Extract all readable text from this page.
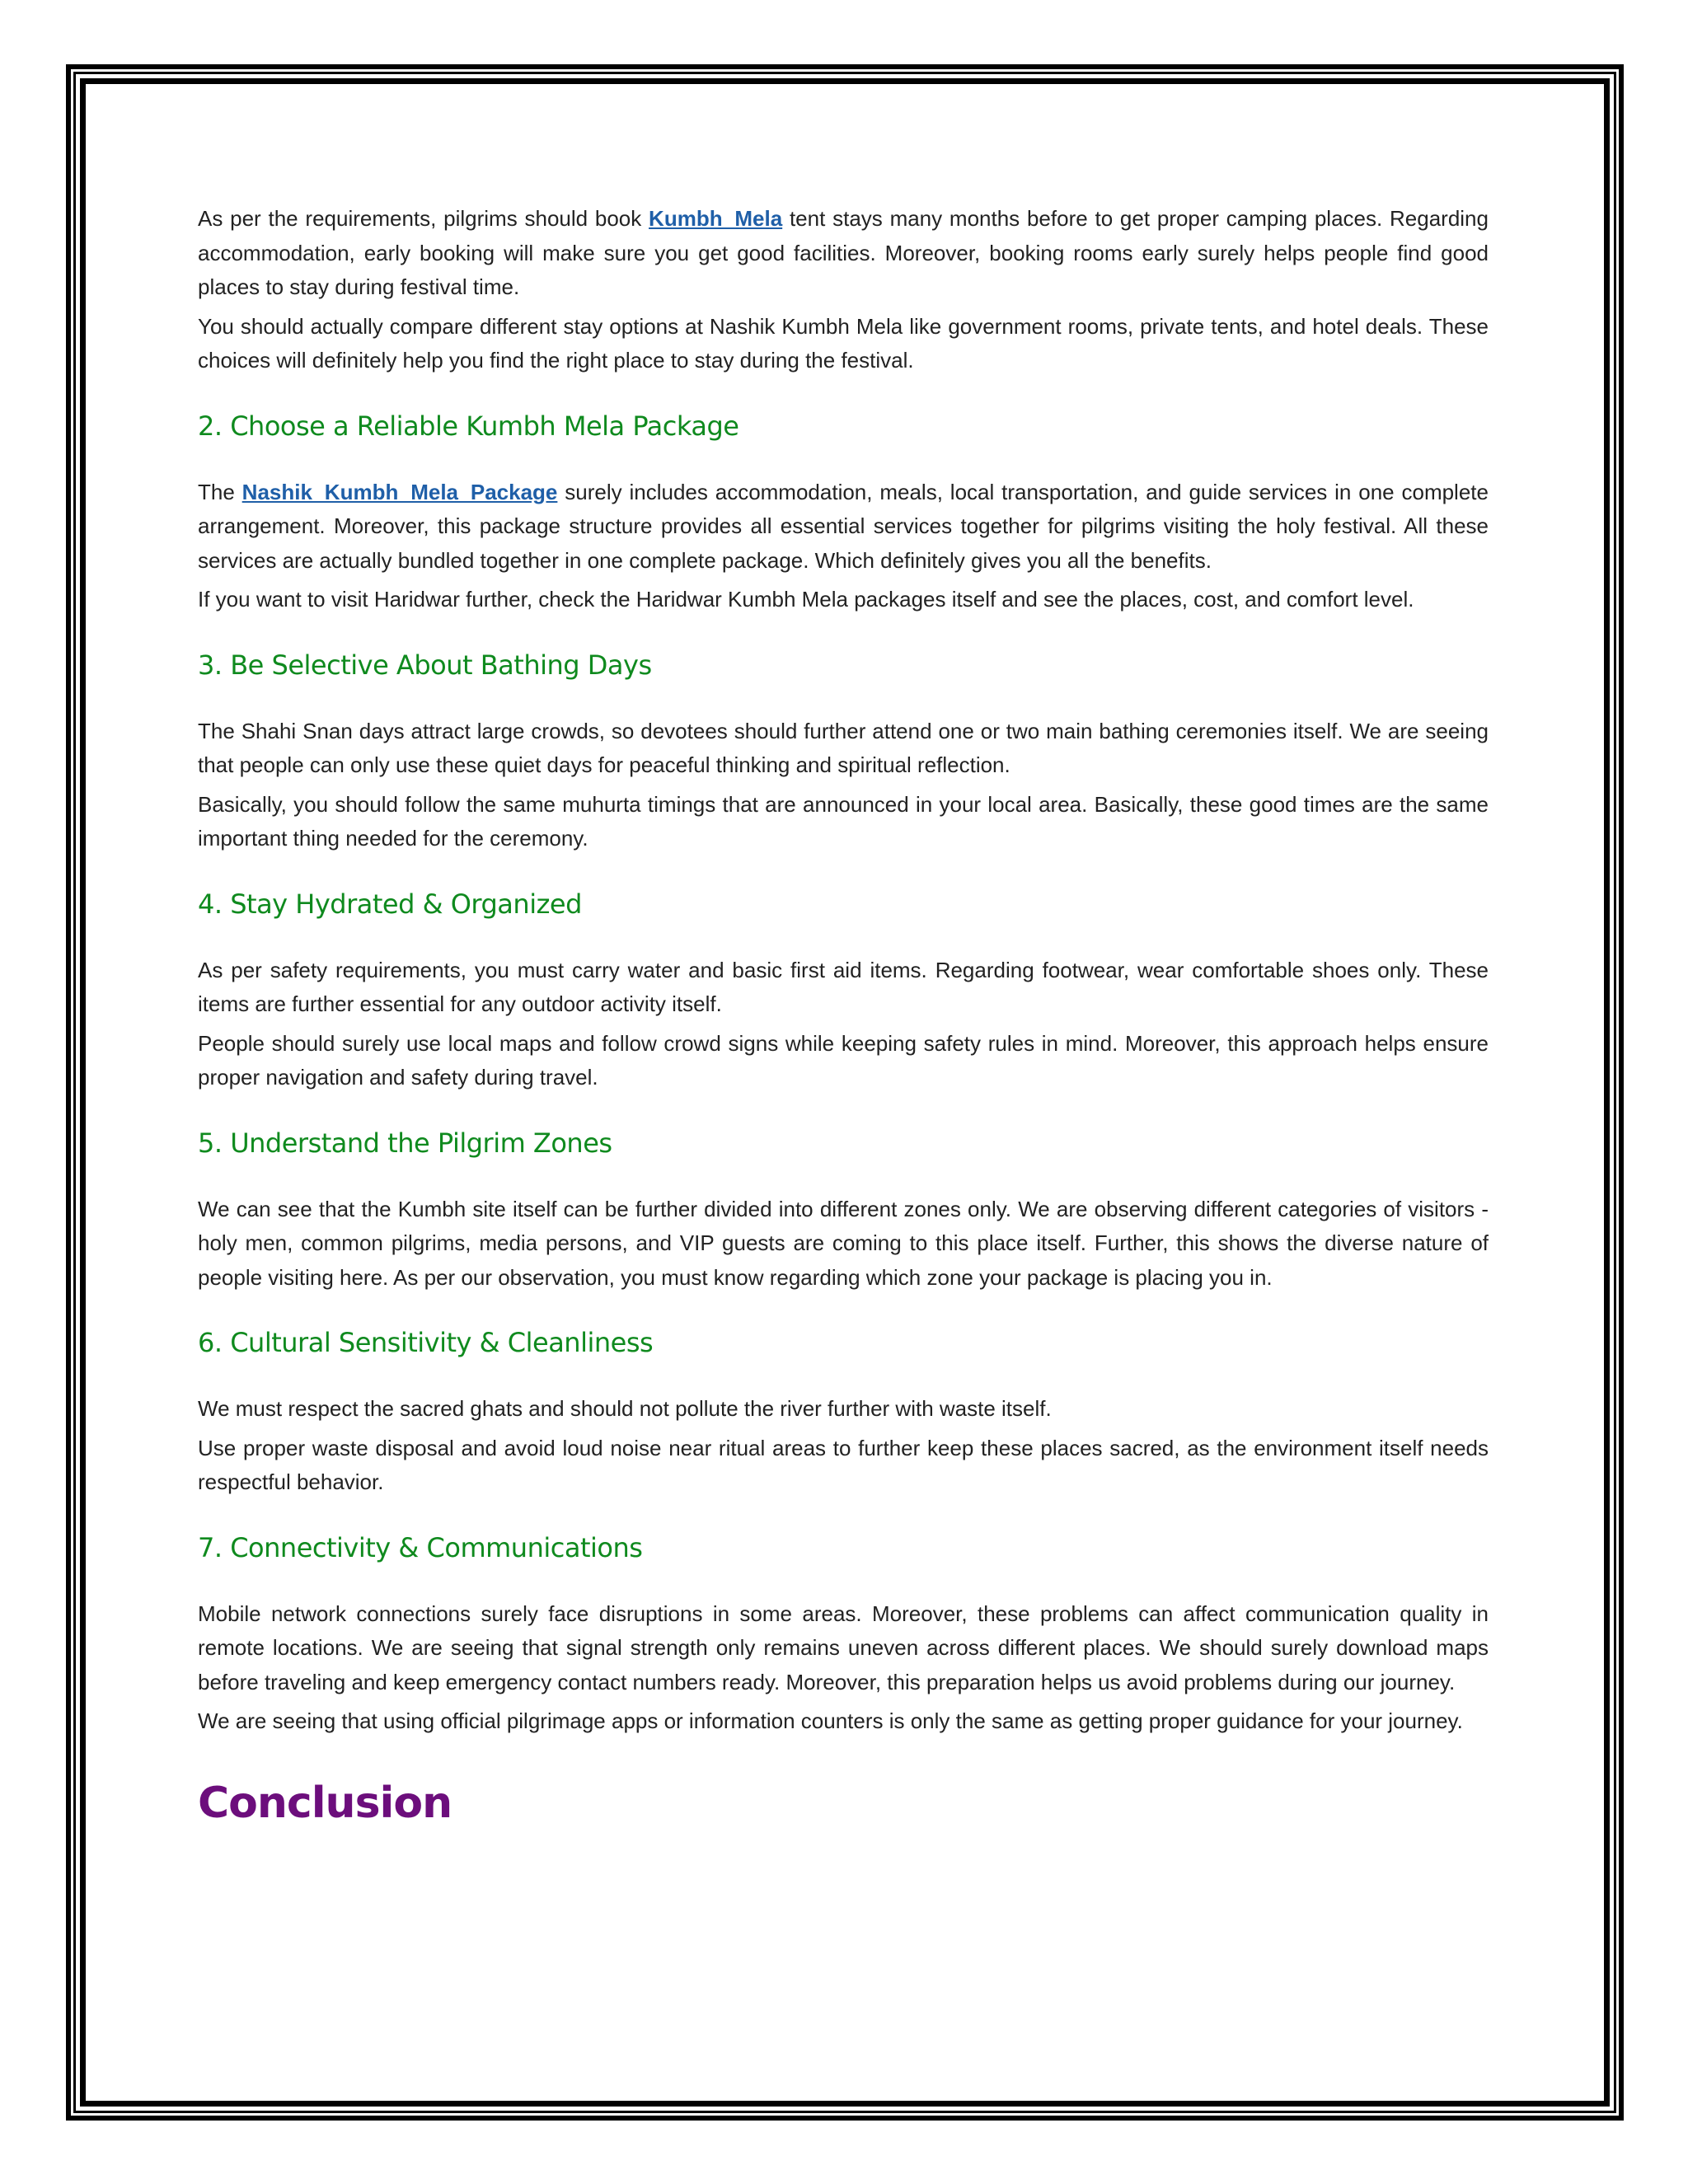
As per the requirements, pilgrims should book Kumbh Mela tent stays many months before to get proper camping places. Regarding accommodation, early booking will make sure you get good facilities. Moreover, booking rooms early surely helps people find good places to stay during festival time.

You should actually compare different stay options at Nashik Kumbh Mela like government rooms, private tents, and hotel deals. These choices will definitely help you find the right place to stay during the festival.

2. Choose a Reliable Kumbh Mela Package

The Nashik Kumbh Mela Package surely includes accommodation, meals, local transportation, and guide services in one complete arrangement. Moreover, this package structure provides all essential services together for pilgrims visiting the holy festival. All these services are actually bundled together in one complete package. Which definitely gives you all the benefits.

If you want to visit Haridwar further, check the Haridwar Kumbh Mela packages itself and see the places, cost, and comfort level.

3. Be Selective About Bathing Days

The Shahi Snan days attract large crowds, so devotees should further attend one or two main bathing ceremonies itself. We are seeing that people can only use these quiet days for peaceful thinking and spiritual reflection.

Basically, you should follow the same muhurta timings that are announced in your local area. Basically, these good times are the same important thing needed for the ceremony.

4. Stay Hydrated & Organized

As per safety requirements, you must carry water and basic first aid items. Regarding footwear, wear comfortable shoes only. These items are further essential for any outdoor activity itself.

People should surely use local maps and follow crowd signs while keeping safety rules in mind. Moreover, this approach helps ensure proper navigation and safety during travel.

5. Understand the Pilgrim Zones

We can see that the Kumbh site itself can be further divided into different zones only. We are observing different categories of visitors - holy men, common pilgrims, media persons, and VIP guests are coming to this place itself. Further, this shows the diverse nature of people visiting here. As per our observation, you must know regarding which zone your package is placing you in.

6. Cultural Sensitivity & Cleanliness

We must respect the sacred ghats and should not pollute the river further with waste itself.

Use proper waste disposal and avoid loud noise near ritual areas to further keep these places sacred, as the environment itself needs respectful behavior.

7. Connectivity & Communications

Mobile network connections surely face disruptions in some areas. Moreover, these problems can affect communication quality in remote locations. We are seeing that signal strength only remains uneven across different places. We should surely download maps before traveling and keep emergency contact numbers ready. Moreover, this preparation helps us avoid problems during our journey.

We are seeing that using official pilgrimage apps or information counters is only the same as getting proper guidance for your journey.

Conclusion
